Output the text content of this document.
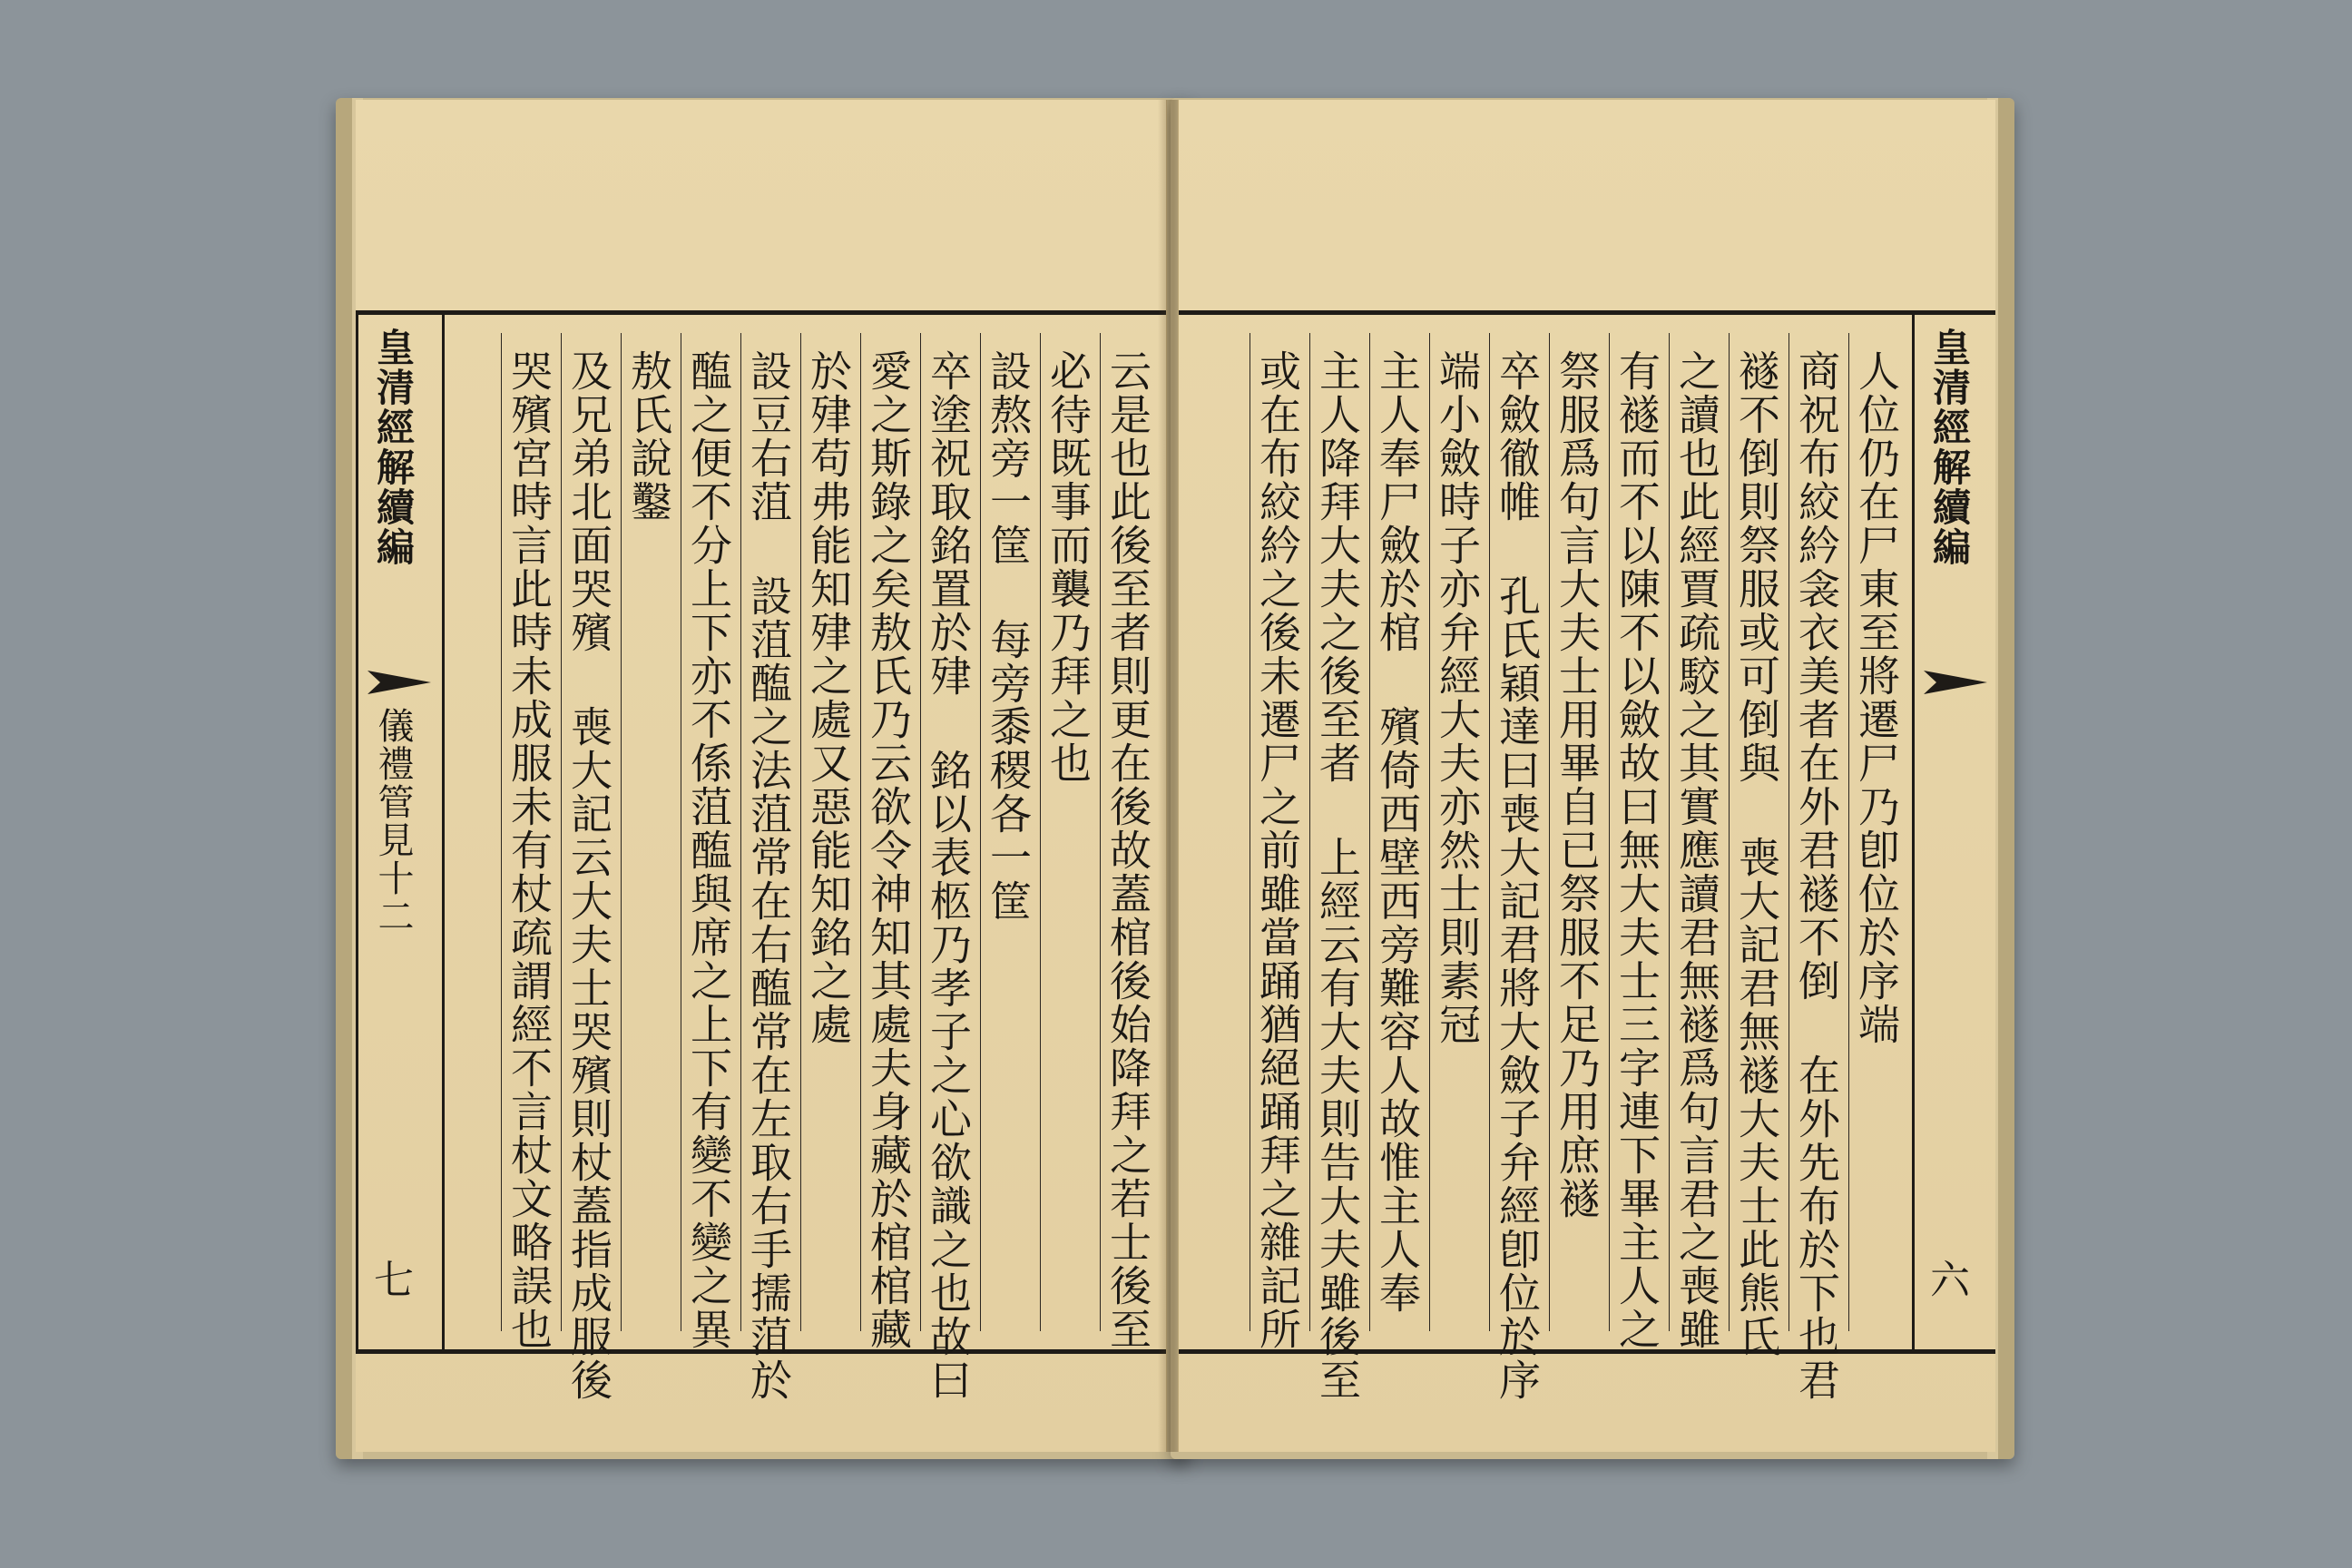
皇清經解續編
儀禮管見十二
七	云是也此後至者則更在後故蓋棺後始降拜之若士後至
必待既事而襲乃拜之也
設熬旁一筐 每旁黍稷各一筐
卒塗祝取銘置於肂 銘以表柩乃孝子之心欲識之也故曰
愛之斯錄之矣敖氏乃云欲令神知其處夫身藏於棺棺藏
於肂苟弗能知肂之處又惡能知銘之處
設豆右菹 設菹醢之法菹常在右醢常在左取右手擩菹於
醢之便不分上下亦不係菹醢與席之上下有變不變之異
敖氏說鑿
及兄弟北面哭殯 喪大記云大夫士哭殯則杖蓋指成服後
哭殯宮時言此時未成服未有杖疏謂經不言杖文略誤也	人位仍在尸東至將遷尸乃卽位於序端
商祝布絞紟衾衣美者在外君襚不倒 在外先布於下也君
襚不倒則祭服或可倒與 喪大記君無襚大夫士此熊氏
之讀也此經賈疏駮之其實應讀君無襚爲句言君之喪雖
有襚而不以陳不以斂故曰無大夫士三字連下畢主人之
祭服爲句言大夫士用畢自已祭服不足乃用庶襚
卒斂徹帷 孔氏穎達曰喪大記君將大斂子弁經卽位於序
端小斂時子亦弁經大夫亦然士則素冠
主人奉尸斂於棺 殯倚西壁西旁難容人故惟主人奉
主人降拜大夫之後至者 上經云有大夫則告大夫雖後至
或在布絞紟之後未遷尸之前雖當踊猶絕踊拜之雜記所	皇清經解續編
六
